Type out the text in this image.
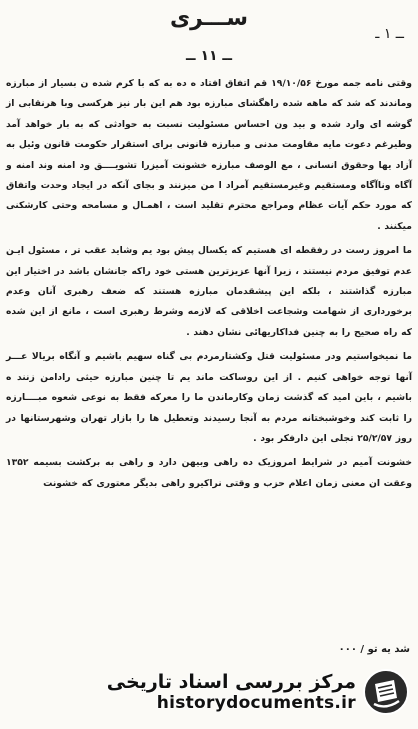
ســـری
ــ ۱ ـ
ــ ۱۱ ــ

وقتی نامه جمه مورخ ۱۹/۱۰/۵۶ قم اتفاق افتاد ه ده به که با کرم شده ن بسیار از مبارزه وماندند که شد که ماهه شده راهگشای مبارزه بود هم این بار نیز هرکسی وبا هرنقابی از گوشه ای وارد شده و بید ون احساس مسئولیت نسبت به حوادثی که به بار خواهد آمد وطیرغم دعوت مایه مقاومت مدنی و مبارزه قانونی برای استقرار حکومت قانون وئیل به آزاد یها وحقوق انسانی ، مع الوصف مبارزه خشونت آمیزرا تشویــــق ود امنه وند امنه و آگاه وناآگاه ومستقیم وغیرمستقیم آمراد ا من میزنند و بجای آنکه در ایجاد وحدت واتفاق که مورد حکم آیات عظام ومراجع محترم تقلید است ، اهمـال و مسامحه وحتی کارشکنی میکنند .

ما امروز رست در رفقطه ای هستیم که یکسال پیش بود یم وشاید عقب تر ، مسئول ایـن عدم توفیق مردم نیستند ، زیرا آنها عزیزترین هستی خود راکه جانشان باشد در اختیار این مبارزه گذاشتند ، بلکه این پیشقدمان مبارزه هستند که ضعف رهبری آنان وعدم برخورداری از شهامت وشجاعت اخلاقی که لازمه وشرط رهبری است ، مانع از این شده که راه صحیح را به چنین فداکاریهائی نشان دهند .

ما نمیخواستیم ودر مسئولیت قتل وکشتارمردم بی گناه سهیم باشیم و آنگاه بریالا عـــر آنها توجه خواهی کنیم . از این روساکت ماند یم تا چنین مبارزه حیثی رادامن زنند ه باشیم ، باین امید که گذشت زمان وکارماندن ما را معرکه فقط به نوعی شعوه مبــــارزه را ثابت کند وخوشبختانه مردم به آنجا رسیدند وتعطیل ها را بازار تهران وشهرستانها در روز ۲۵/۲/۵۷ تجلی این دارفکر بود .

خشونت آمیم در شرایط امروزیک ده راهی وبیهن دارد و راهی به برکشت بسیمه ۱۳۵۲ وعقت ان معنی زمان اعلام حزب و وقتی نراکیرو راهی بدیگر معتوری که خشونت

شد یه تو / ۰۰۰
مرکز بررسی اسناد تاریخی
historydocuments.ir
